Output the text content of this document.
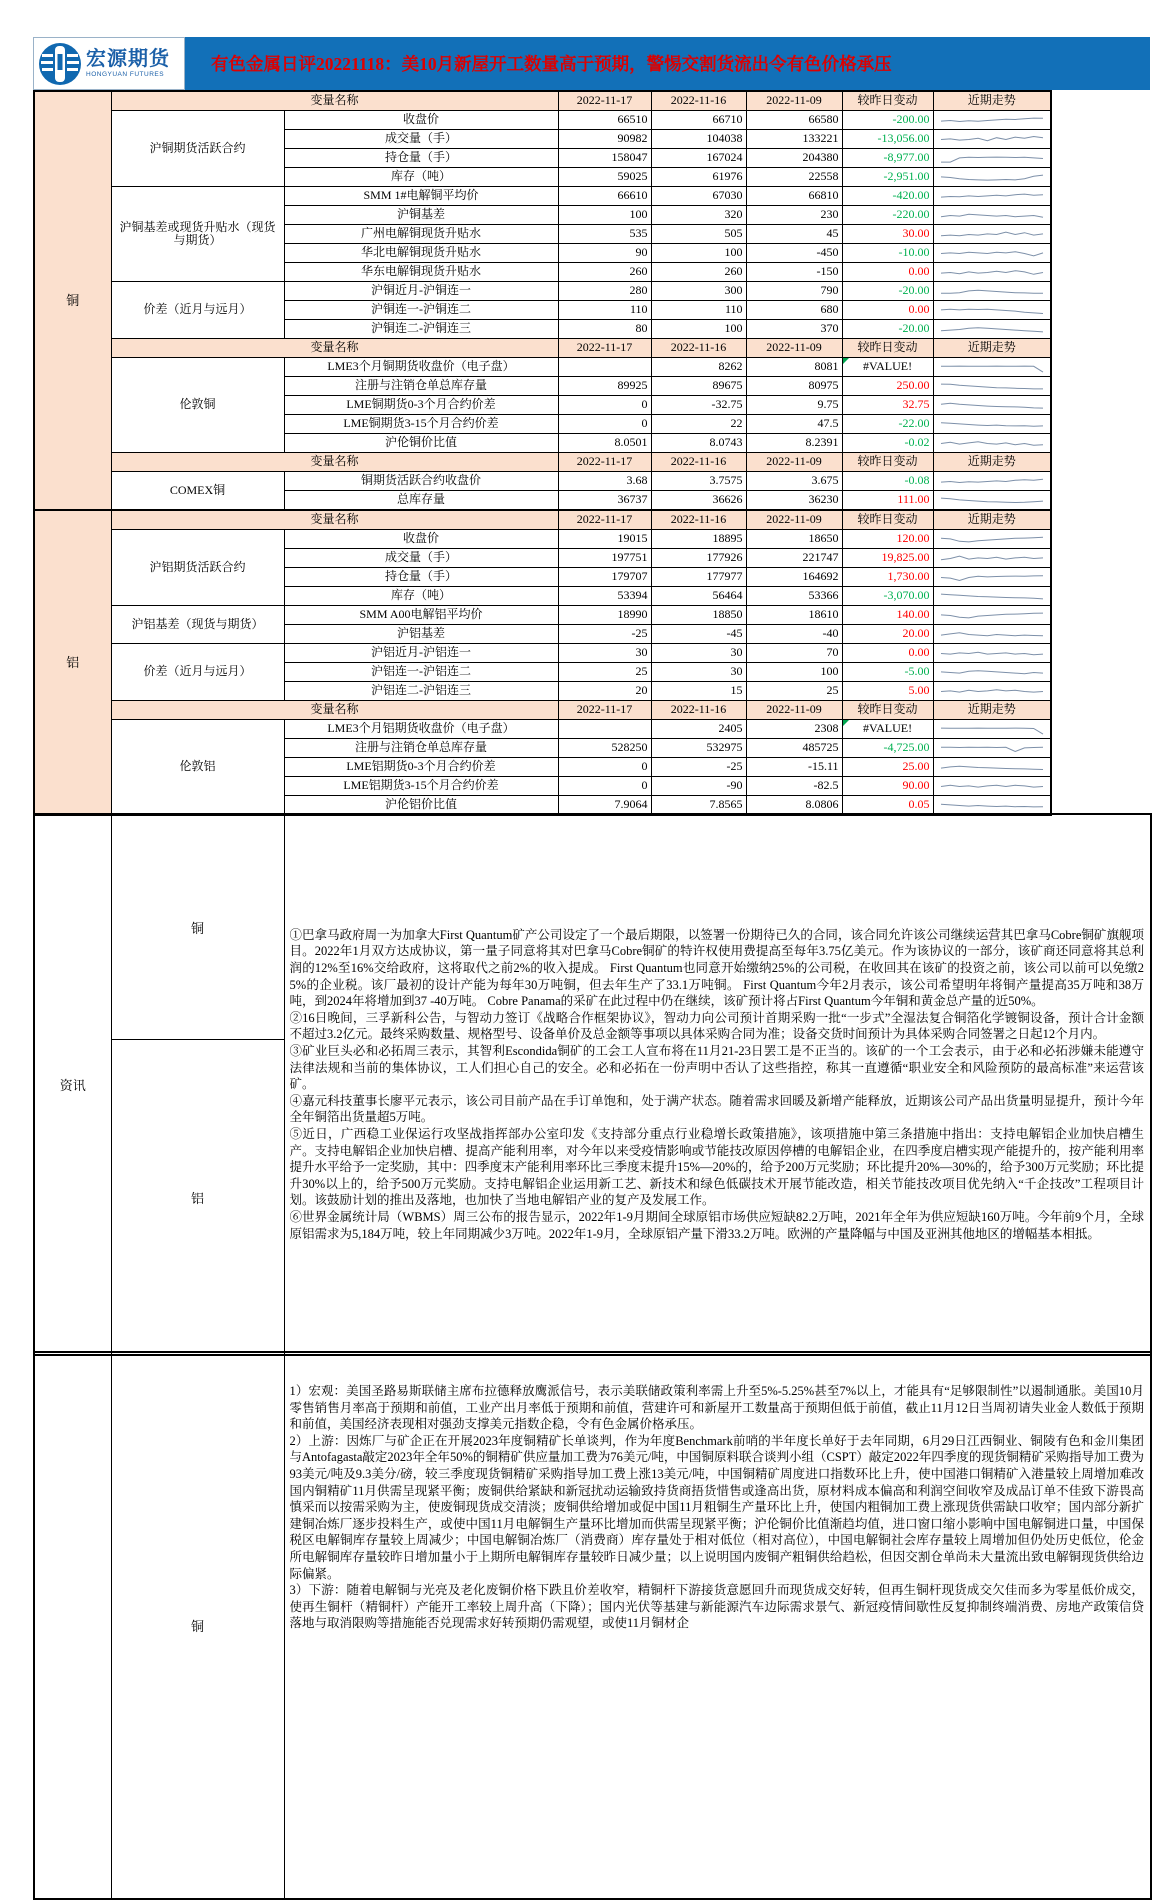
宏源期货
HONGYUAN FUTURES
有色金属日评20221118：美10月新屋开工数量高于预期，警惕交割货流出令有色价格承压
铜	变量名称		2022-11-17	2022-11-16	2022-11-09	较昨日变动	近期走势
	沪铜期货活跃合约	收盘价	66510	66710	66580	-200.00	

		成交量（手）	90982	104038	133221	-13,056.00	

		持仓量（手）	158047	167024	204380	-8,977.00	

		库存（吨）	59025	61976	22558	-2,951.00	

	沪铜基差或现货升贴水（现货与期货）	SMM 1#电解铜平均价	66610	67030	66810	-420.00	

		沪铜基差	100	320	230	-220.00	

		广州电解铜现货升贴水	535	505	45	30.00	

		华北电解铜现货升贴水	90	100	-450	-10.00	

		华东电解铜现货升贴水	260	260	-150	0.00	

	价差（近月与远月）	沪铜近月-沪铜连一	280	300	790	-20.00	

		沪铜连一-沪铜连二	110	110	680	0.00	

		沪铜连二-沪铜连三	80	100	370	-20.00	

	变量名称		2022-11-17	2022-11-16	2022-11-09	较昨日变动	近期走势
	伦敦铜	LME3个月铜期货收盘价（电子盘）		8262	8081	#VALUE!

		注册与注销仓单总库存量	89925	89675	80975	250.00	

		LME铜期货0-3个月合约价差	0	-32.75	9.75	32.75	

		LME铜期货3-15个月合约价差	0	22	47.5	-22.00	

		沪伦铜价比值	8.0501	8.0743	8.2391	-0.02	

	变量名称		2022-11-17	2022-11-16	2022-11-09	较昨日变动	近期走势
	COMEX铜	铜期货活跃合约收盘价	3.68	3.7575	3.675	-0.08	

		总库存量	36737	36626	36230	111.00	

铝	变量名称		2022-11-17	2022-11-16	2022-11-09	较昨日变动	近期走势
	沪铝期货活跃合约	收盘价	19015	18895	18650	120.00	

		成交量（手）	197751	177926	221747	19,825.00	

		持仓量（手）	179707	177977	164692	1,730.00	

		库存（吨）	53394	56464	53366	-3,070.00	

	沪铝基差（现货与期货）	SMM A00电解铝平均价	18990	18850	18610	140.00	

		沪铝基差	-25	-45	-40	20.00	

	价差（近月与远月）	沪铝近月-沪铝连一	30	30	70	0.00	

		沪铝连一-沪铝连二	25	30	100	-5.00	

		沪铝连二-沪铝连三	20	15	25	5.00	

	变量名称		2022-11-17	2022-11-16	2022-11-09	较昨日变动	近期走势
	伦敦铝	LME3个月铝期货收盘价（电子盘）		2405	2308	#VALUE!

		注册与注销仓单总库存量	528250	532975	485725	-4,725.00	

		LME铝期货0-3个月合约价差	0	-25	-15.11	25.00	

		LME铝期货3-15个月合约价差	0	-90	-82.5	90.00	

		沪伦铝价比值	7.9064	7.8565	8.0806	0.05	
资讯	铜	①巴拿马政府周一为加拿大First Quantum矿产公司设定了一个最后期限，以签署一份期待已久的合同，该合同允许该公司继续运营其巴拿马Cobre铜矿旗舰项目。2022年1月双方达成协议，第一量子同意将其对巴拿马Cobre铜矿的特许权使用费提高至每年3.75亿美元。作为该协议的一部分，该矿商还同意将其总利润的12%至16%交给政府，这将取代之前2%的收入提成。 First Quantum也同意开始缴纳25%的公司税，在收回其在该矿的投资之前，该公司以前可以免缴25%的企业税。该厂最初的设计产能为每年30万吨铜，但去年生产了33.1万吨铜。 First Quantum今年2月表示，该公司希望明年将铜产量提高35万吨和38万吨，到2024年将增加到37 -40万吨。 Cobre Panama的采矿在此过程中仍在继续，该矿预计将占First Quantum今年铜和黄金总产量的近50%。
②16日晚间，三孚新科公告，与智动力签订《战略合作框架协议》，智动力向公司预计首期采购一批“一步式”全湿法复合铜箔化学镀铜设备，预计合计金额不超过3.2亿元。最终采购数量、规格型号、设备单价及总金额等事项以具体采购合同为准；设备交货时间预计为具体采购合同签署之日起12个月内。
③矿业巨头必和必拓周三表示，其智利Escondida铜矿的工会工人宣布将在11月21-23日罢工是不正当的。该矿的一个工会表示，由于必和必拓涉嫌未能遵守法律法规和当前的集体协议，工人们担心自己的安全。必和必拓在一份声明中否认了这些指控，称其一直遵循“职业安全和风险预防的最高标准”来运营该矿。
④嘉元科技董事长廖平元表示，该公司目前产品在手订单饱和，处于满产状态。随着需求回暖及新增产能释放，近期该公司产品出货量明显提升，预计今年全年铜箔出货量超5万吨。
⑤近日，广西稳工业保运行攻坚战指挥部办公室印发《支持部分重点行业稳增长政策措施》，该项措施中第三条措施中指出：支持电解铝企业加快启槽生产。支持电解铝企业加快启槽、提高产能利用率，对今年以来受疫情影响或节能技改原因停槽的电解铝企业，在四季度启槽实现产能提升的，按产能利用率提升水平给予一定奖励，其中：四季度末产能利用率环比三季度末提升15%—20%的，给予200万元奖励；环比提升20%—30%的，给予300万元奖励；环比提升30%以上的，给予500万元奖励。支持电解铝企业运用新工艺、新技术和绿色低碳技术开展节能改造，相关节能技改项目优先纳入“千企技改”工程项目计划。该鼓励计划的推出及落地，也加快了当地电解铝产业的复产及发展工作。
⑥世界金属统计局（WBMS）周三公布的报告显示，2022年1-9月期间全球原铝市场供应短缺82.2万吨，2021年全年为供应短缺160万吨。今年前9个月，全球原铝需求为5,184万吨，较上年同期减少3万吨。2022年1-9月，全球原铝产量下滑33.2万吨。欧洲的产量降幅与中国及亚洲其他地区的增幅基本相抵。

铝
	铜	
1）宏观：美国圣路易斯联储主席布拉德释放鹰派信号，表示美联储政策利率需上升至5%-5.25%甚至7%以上，才能具有“足够限制性”以遏制通胀。美国10月零售销售月率高于预期和前值，工业产出月率低于预期和前值，营建许可和新屋开工数量高于预期但低于前值，截止11月12日当周初请失业金人数低于预期和前值，美国经济表现相对强劲支撑美元指数企稳，令有色金属价格承压。
2）上游：因炼厂与矿企正在开展2023年度铜精矿长单谈判，作为年度Benchmark前哨的半年度长单好于去年同期，6月29日江西铜业、铜陵有色和金川集团与Antofagasta敲定2023年全年50%的铜精矿供应量加工费为76美元/吨，中国铜原料联合谈判小组（CSPT）敲定2022年四季度的现货铜精矿采购指导加工费为93美元/吨及9.3美分/磅，较三季度现货铜精矿采购指导加工费上涨13美元/吨，中国铜精矿周度进口指数环比上升，使中国港口铜精矿入港量较上周增加难改国内铜精矿11月供需呈现紧平衡；废铜供给紧缺和新冠扰动运输致持货商捂货惜售或逢高出货，原材料成本偏高和利润空间收窄及成品订单不佳致下游畏高慎采而以按需采购为主，使废铜现货成交清淡；废铜供给增加或促中国11月粗铜生产量环比上升，使国内粗铜加工费上涨现货供需缺口收窄；国内部分新扩建铜冶炼厂逐步投料生产，或使中国11月电解铜生产量环比增加而供需呈现紧平衡；沪伦铜价比值渐趋均值，进口窗口缩小影响中国电解铜进口量，中国保税区电解铜库存量较上周减少；中国电解铜冶炼厂（消费商）库存量处于相对低位（相对高位），中国电解铜社会库存量较上周增加但仍处历史低位，伦金所电解铜库存量较昨日增加量小于上期所电解铜库存量较昨日减少量；以上说明国内废铜产粗铜供给趋松，但因交割仓单尚未大量流出致电解铜现货供给边际偏紧。
3）下游：随着电解铜与光亮及老化废铜价格下跌且价差收窄，精铜杆下游接货意愿回升而现货成交好转，但再生铜杆现货成交欠佳而多为零星低价成交，使再生铜杆（精铜杆）产能开工率较上周升高（下降）；国内光伏等基建与新能源汽车边际需求景气、新冠疫情间歇性反复抑制终端消费、房地产政策信贷落地与取消限购等措施能否兑现需求好转预期仍需观望，或使11月铜材企
